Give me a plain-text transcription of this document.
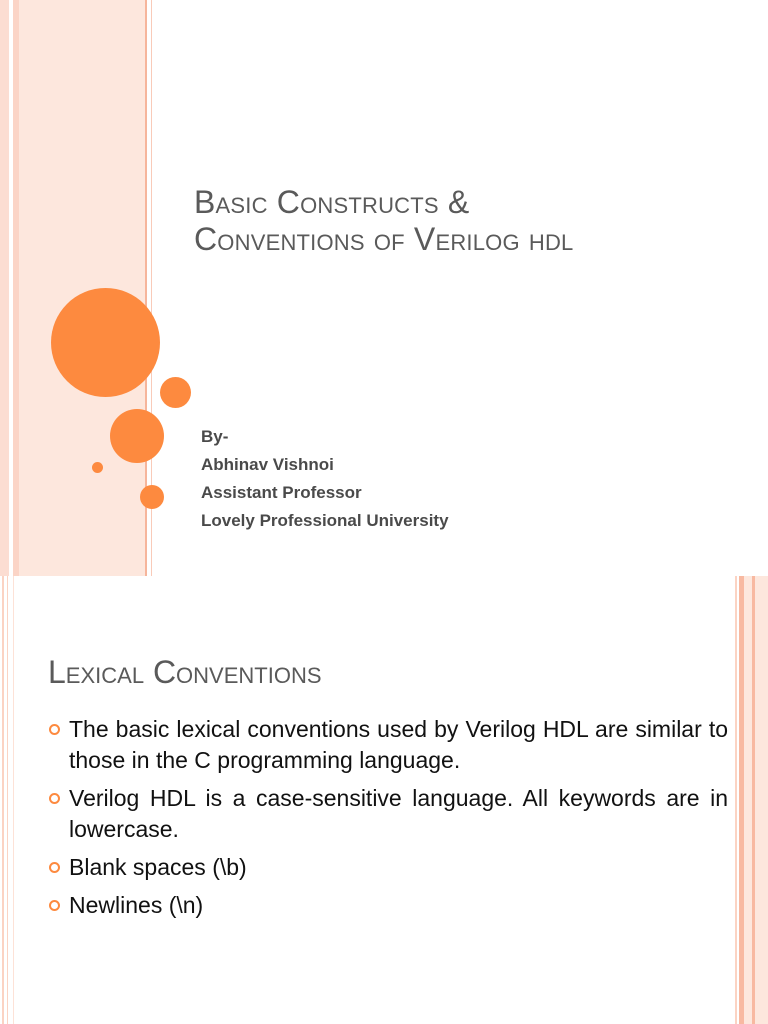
Basic Constructs &
Conventions of Verilog hdl
By-
Abhinav Vishnoi
Assistant Professor
Lovely Professional University
Lexical Conventions
The basic lexical conventions used by Verilog HDL are similar to those in the C programming language.
Verilog HDL is a case-sensitive language. All keywords are in lowercase.
Blank spaces (\b)
Newlines (\n)
